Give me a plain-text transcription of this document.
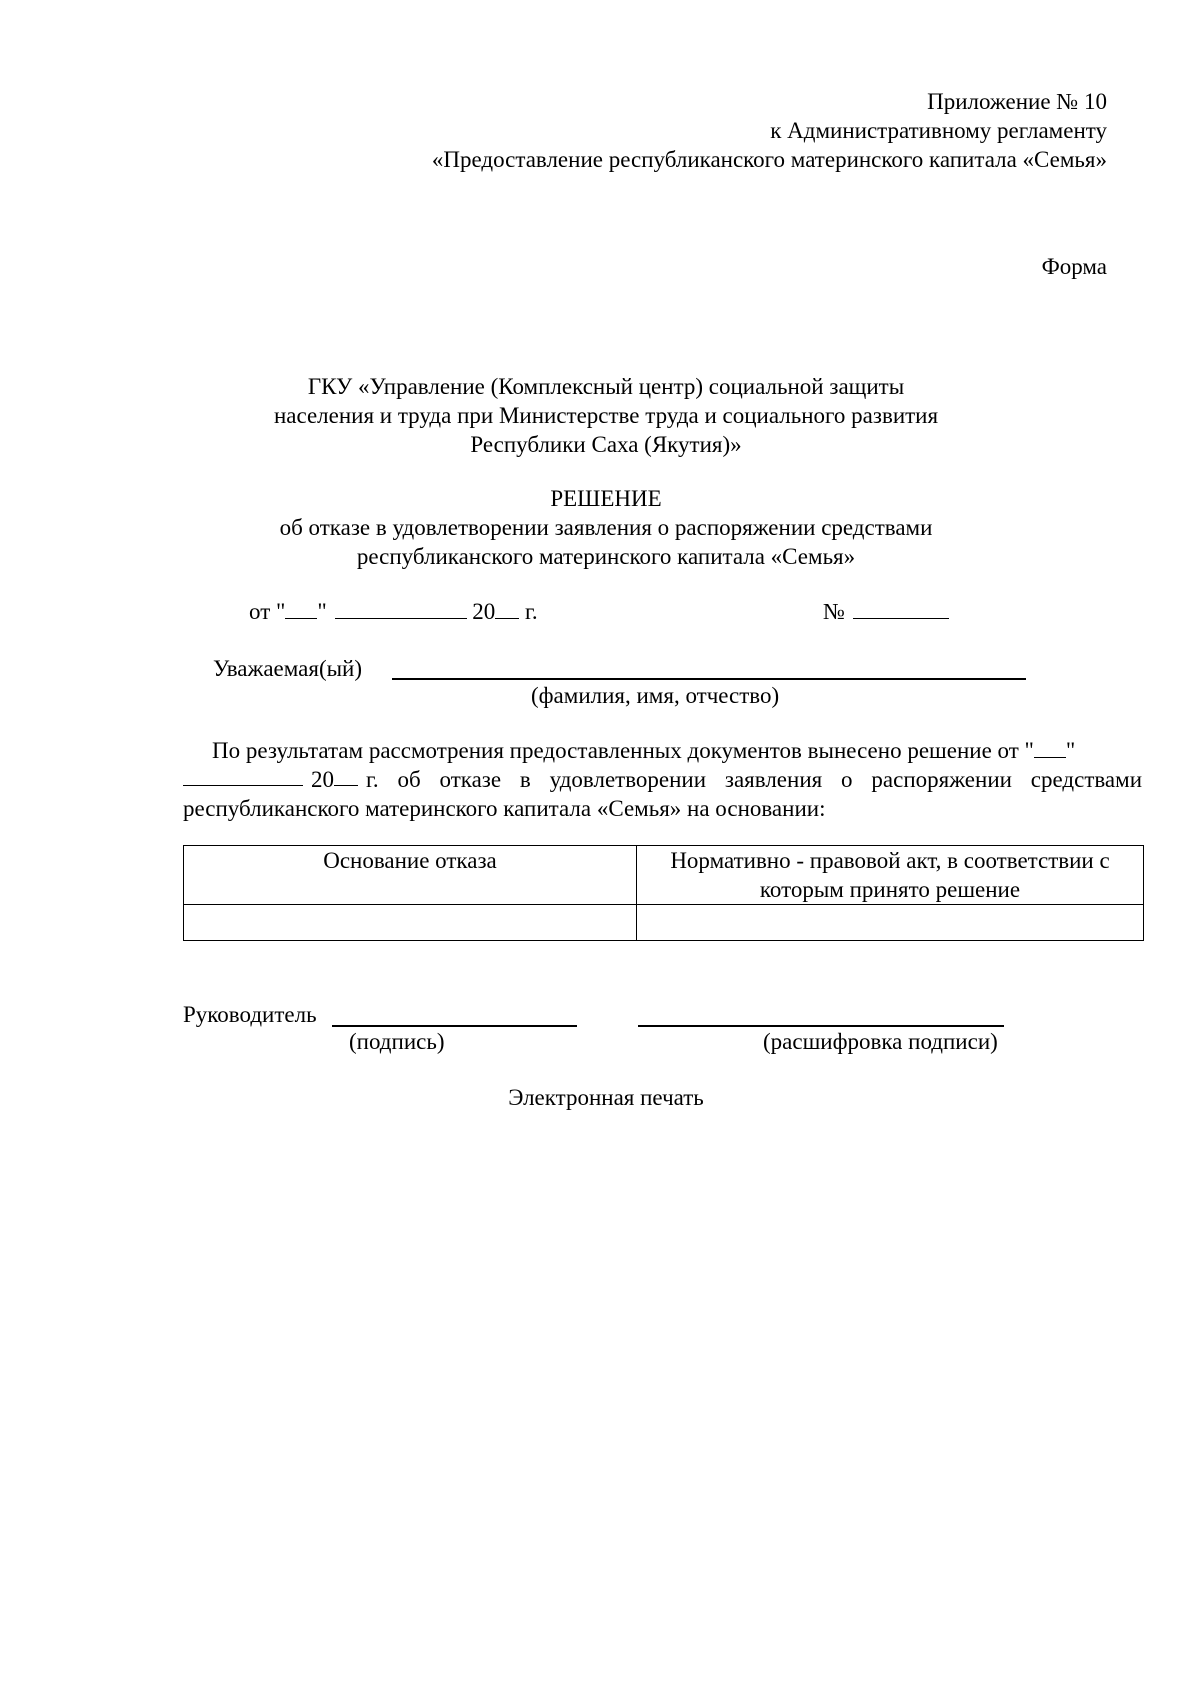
Приложение № 10
к Административному регламенту
«Предоставление республиканского материнского капитала «Семья»
Форма
ГКУ «Управление (Комплексный центр) социальной защиты
населения и труда при Министерстве труда и социального развития
Республики Саха (Якутия)»
РЕШЕНИЕ
об отказе в удовлетворении заявления о распоряжении средствами
республиканского материнского капитала «Семья»
от " "	20 г.	№
Уважаемая(ый)
(фамилия, имя, отчество)

По результатам рассмотрения предоставленных документов вынесено решение от " "

20 г. об отказе в удовлетворении заявления о распоряжении средствами

республиканского материнского капитала «Семья» на основании:

Основание отказа	Нормативно - правовой акт, в соответствии с которым принято решение

Руководитель
(подпись)	(расшифровка подписи)
Электронная печать
